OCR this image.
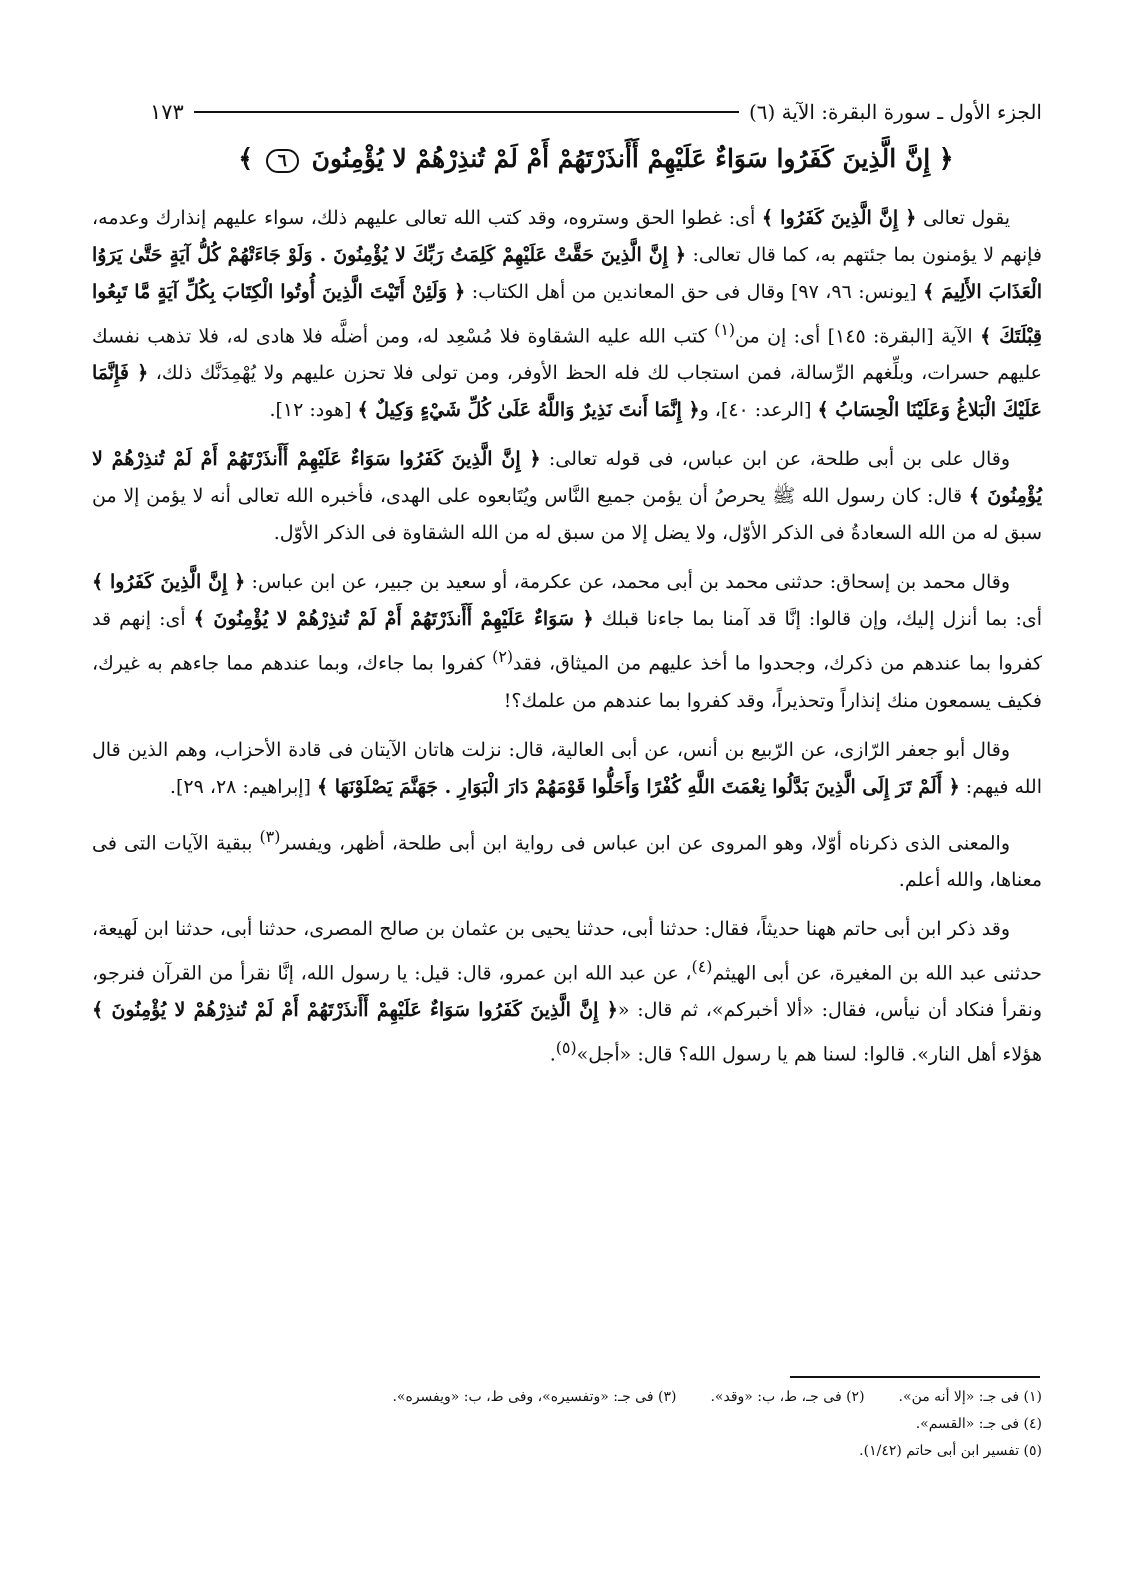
الجزء الأول ـ سورة البقرة: الآية (٦)
١٧٣
﴿ إِنَّ الَّذِينَ كَفَرُوا سَوَاءٌ عَلَيْهِمْ أَأَنذَرْتَهُمْ أَمْ لَمْ تُنذِرْهُمْ لا يُؤْمِنُونَ ٦ ﴾

يقول تعالى ﴿ إِنَّ الَّذِينَ كَفَرُوا ﴾ أى: غطوا الحق وستروه، وقد كتب الله تعالى عليهم ذلك، سواء عليهم إنذارك وعدمه، فإنهم لا يؤمنون بما جئتهم به، كما قال تعالى: ﴿ إِنَّ الَّذِينَ حَقَّتْ عَلَيْهِمْ كَلِمَتُ رَبِّكَ لا يُؤْمِنُونَ . وَلَوْ جَاءَتْهُمْ كُلُّ آيَةٍ حَتَّىٰ يَرَوُا الْعَذَابَ الأَلِيمَ ﴾ [يونس: ٩٦، ٩٧] وقال فى حق المعاندين من أهل الكتاب: ﴿ وَلَئِنْ أَتَيْتَ الَّذِينَ أُوتُوا الْكِتَابَ بِكُلِّ آيَةٍ مَّا تَبِعُوا قِبْلَتَكَ ﴾ الآية [البقرة: ١٤٥] أى: إن من$^{(١)}$ كتب الله عليه الشقاوة فلا مُسْعِد له، ومن أضلَّه فلا هادى له، فلا تذهب نفسك عليهم حسرات، وبلِّغهم الرِّسالة، فمن استجاب لك فله الحظ الأوفر، ومن تولى فلا تحزن عليهم ولا يُهْمِدَنَّك ذلك، ﴿ فَإِنَّمَا عَلَيْكَ الْبَلاغُ وَعَلَيْنَا الْحِسَابُ ﴾ [الرعد: ٤٠]، و﴿ إِنَّمَا أَنتَ نَذِيرٌ وَاللَّهُ عَلَىٰ كُلِّ شَيْءٍ وَكِيلٌ ﴾ [هود: ١٢].

وقال على بن أبى طلحة، عن ابن عباس، فى قوله تعالى: ﴿ إِنَّ الَّذِينَ كَفَرُوا سَوَاءٌ عَلَيْهِمْ أَأَنذَرْتَهُمْ أَمْ لَمْ تُنذِرْهُمْ لا يُؤْمِنُونَ ﴾ قال: كان رسول الله ﷺ يحرصُ أن يؤمن جميع النَّاس ويُتَابعوه على الهدى، فأخبره الله تعالى أنه لا يؤمن إلا من سبق له من الله السعادةُ فى الذكر الأوّل، ولا يضل إلا من سبق له من الله الشقاوة فى الذكر الأوّل.

وقال محمد بن إسحاق: حدثنى محمد بن أبى محمد، عن عكرمة، أو سعيد بن جبير، عن ابن عباس: ﴿ إِنَّ الَّذِينَ كَفَرُوا ﴾ أى: بما أنزل إليك، وإن قالوا: إنَّا قد آمنا بما جاءنا قبلك ﴿ سَوَاءٌ عَلَيْهِمْ أَأَنذَرْتَهُمْ أَمْ لَمْ تُنذِرْهُمْ لا يُؤْمِنُونَ ﴾ أى: إنهم قد كفروا بما عندهم من ذكرك، وجحدوا ما أخذ عليهم من الميثاق، فقد$^{(٢)}$ كفروا بما جاءك، وبما عندهم مما جاءهم به غيرك، فكيف يسمعون منك إنذاراً وتحذيراً، وقد كفروا بما عندهم من علمك؟!

وقال أبو جعفر الرّازى، عن الرّبيع بن أنس، عن أبى العالية، قال: نزلت هاتان الآيتان فى قادة الأحزاب، وهم الذين قال الله فيهم: ﴿ أَلَمْ تَرَ إِلَى الَّذِينَ بَدَّلُوا نِعْمَتَ اللَّهِ كُفْرًا وَأَحَلُّوا قَوْمَهُمْ دَارَ الْبَوَارِ . جَهَنَّمَ يَصْلَوْنَهَا ﴾ [إبراهيم: ٢٨، ٢٩].

والمعنى الذى ذكرناه أوّلا، وهو المروى عن ابن عباس فى رواية ابن أبى طلحة، أظهر، ويفسر$^{(٣)}$ ببقية الآيات التى فى معناها، والله أعلم.

وقد ذكر ابن أبى حاتم ههنا حديثاً، فقال: حدثنا أبى، حدثنا يحيى بن عثمان بن صالح المصرى، حدثنا أبى، حدثنا ابن لَهيعة، حدثنى عبد الله بن المغيرة، عن أبى الهيثم$^{(٤)}$، عن عبد الله ابن عمرو، قال: قيل: يا رسول الله، إنَّا نقرأ من القرآن فنرجو، ونقرأ فنكاد أن نيأس، فقال: «ألا أخبركم»، ثم قال: «﴿ إِنَّ الَّذِينَ كَفَرُوا سَوَاءٌ عَلَيْهِمْ أَأَنذَرْتَهُمْ أَمْ لَمْ تُنذِرْهُمْ لا يُؤْمِنُونَ ﴾ هؤلاء أهل النار». قالوا: لسنا هم يا رسول الله؟ قال: «أجل»$^{(٥)}$.

(١) فى جـ: «إلا أنه من».
(٢) فى جـ، ط، ب: «وقد».
(٣) فى جـ: «وتفسيره»، وفى ط، ب: «ويفسره».
(٤) فى جـ: «القسم».
(٥) تفسير ابن أبى حاتم (١/٤٢).
